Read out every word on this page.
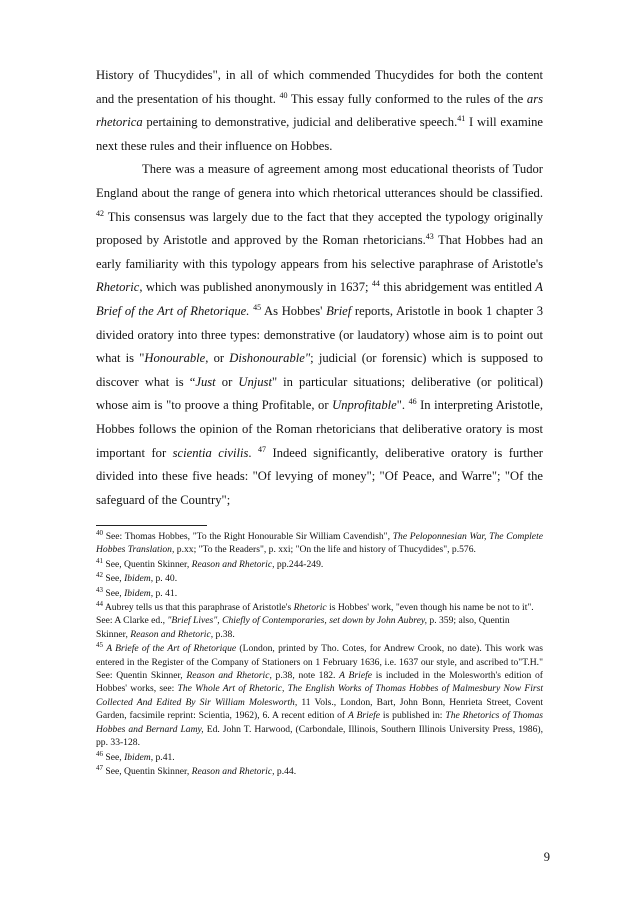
History of Thucydides", in all of which commended Thucydides for both the content and the presentation of his thought. $^{40}$ This essay fully conformed to the rules of the ars rhetorica pertaining to demonstrative, judicial and deliberative speech.$^{41}$ I will examine next these rules and their influence on Hobbes.

There was a measure of agreement among most educational theorists of Tudor England about the range of genera into which rhetorical utterances should be classified. $^{42}$ This consensus was largely due to the fact that they accepted the typology originally proposed by Aristotle and approved by the Roman rhetoricians.$^{43}$ That Hobbes had an early familiarity with this typology appears from his selective paraphrase of Aristotle's Rhetoric, which was published anonymously in 1637; $^{44}$ this abridgement was entitled A Brief of the Art of Rhetorique. $^{45}$ As Hobbes' Brief reports, Aristotle in book 1 chapter 3 divided oratory into three types: demonstrative (or laudatory) whose aim is to point out what is "Honourable, or Dishonourable"; judicial (or forensic) which is supposed to discover what is “Just or Unjust" in particular situations; deliberative (or political) whose aim is "to proove a thing Profitable, or Unprofitable". $^{46}$ In interpreting Aristotle, Hobbes follows the opinion of the Roman rhetoricians that deliberative oratory is most important for scientia civilis. $^{47}$ Indeed significantly, deliberative oratory is further divided into these five heads: "Of levying of money"; "Of Peace, and Warre"; "Of the safeguard of the Country";

$^{40}$ See: Thomas Hobbes, "To the Right Honourable Sir William Cavendish", The Peloponnesian War, The Complete Hobbes Translation, p.xx; "To the Readers", p. xxi; "On the life and history of Thucydides", p.576.
$^{41}$ See, Quentin Skinner, Reason and Rhetoric, pp.244-249.
$^{42}$ See, Ibidem, p. 40.
$^{43}$ See, Ibidem, p. 41.
$^{44}$ Aubrey tells us that this paraphrase of Aristotle's Rhetoric is Hobbes' work, "even though his name be not to it".
See: A Clarke ed., "Brief Lives", Chiefly of Contemporaries, set down by John Aubrey, p. 359; also, Quentin
Skinner, Reason and Rhetoric, p.38.
$^{45}$ A Briefe of the Art of Rhetorique (London, printed by Tho. Cotes, for Andrew Crook, no date). This work was entered in the Register of the Company of Stationers on 1 February 1636, i.e. 1637 our style, and ascribed to"T.H." See: Quentin Skinner, Reason and Rhetoric, p.38, note 182. A Briefe is included in the Molesworth's edition of Hobbes' works, see: The Whole Art of Rhetoric, The English Works of Thomas Hobbes of Malmesbury Now First Collected And Edited By Sir William Molesworth, 11 Vols., London, Bart, John Bonn, Henrieta Street, Covent Garden, facsimile reprint: Scientia, 1962), 6. A recent edition of A Briefe is published in: The Rhetorics of Thomas Hobbes and Bernard Lamy, Ed. John T. Harwood, (Carbondale, Illinois, Southern Illinois University Press, 1986), pp. 33-128.
$^{46}$ See, Ibidem, p.41.
$^{47}$ See, Quentin Skinner, Reason and Rhetoric, p.44.
9
